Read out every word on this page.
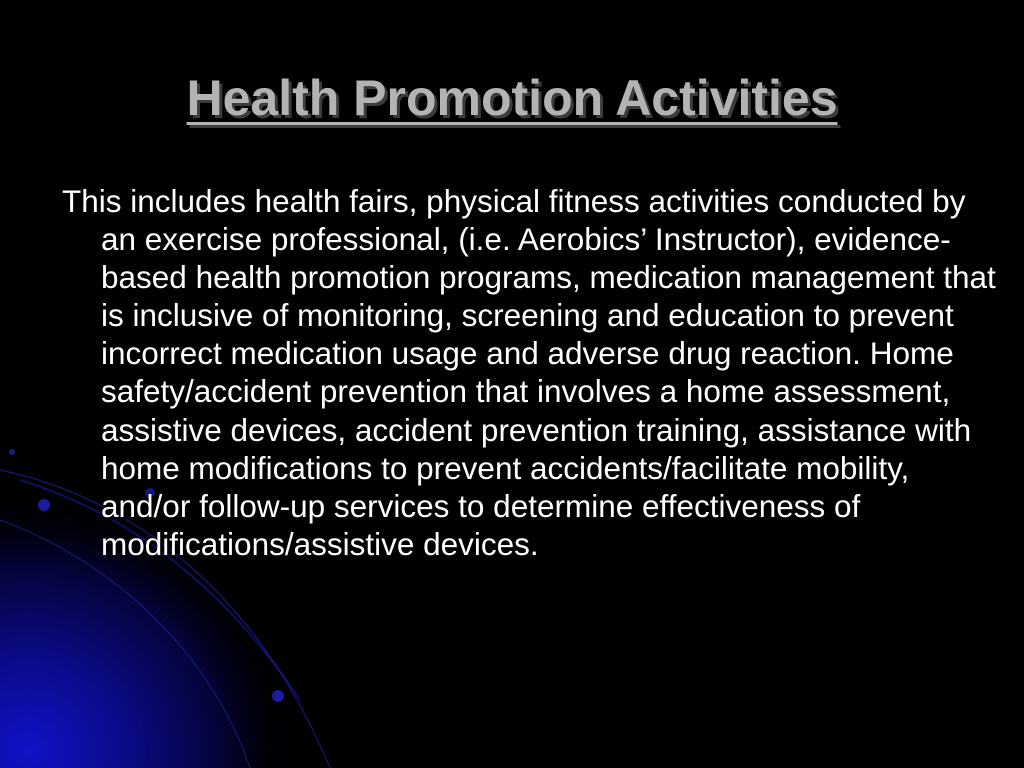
Health Promotion Activities

This includes health fairs, physical fitness activities conducted by an exercise professional, (i.e. Aerobics’ Instructor), evidence-based health promotion programs, medication management that is inclusive of monitoring, screening and education to prevent incorrect medication usage and adverse drug reaction. Home safety/accident prevention that involves a home assessment, assistive devices, accident prevention training, assistance with home modifications to prevent accidents/facilitate mobility, and/or follow-up services to determine effectiveness of modifications/assistive devices.
